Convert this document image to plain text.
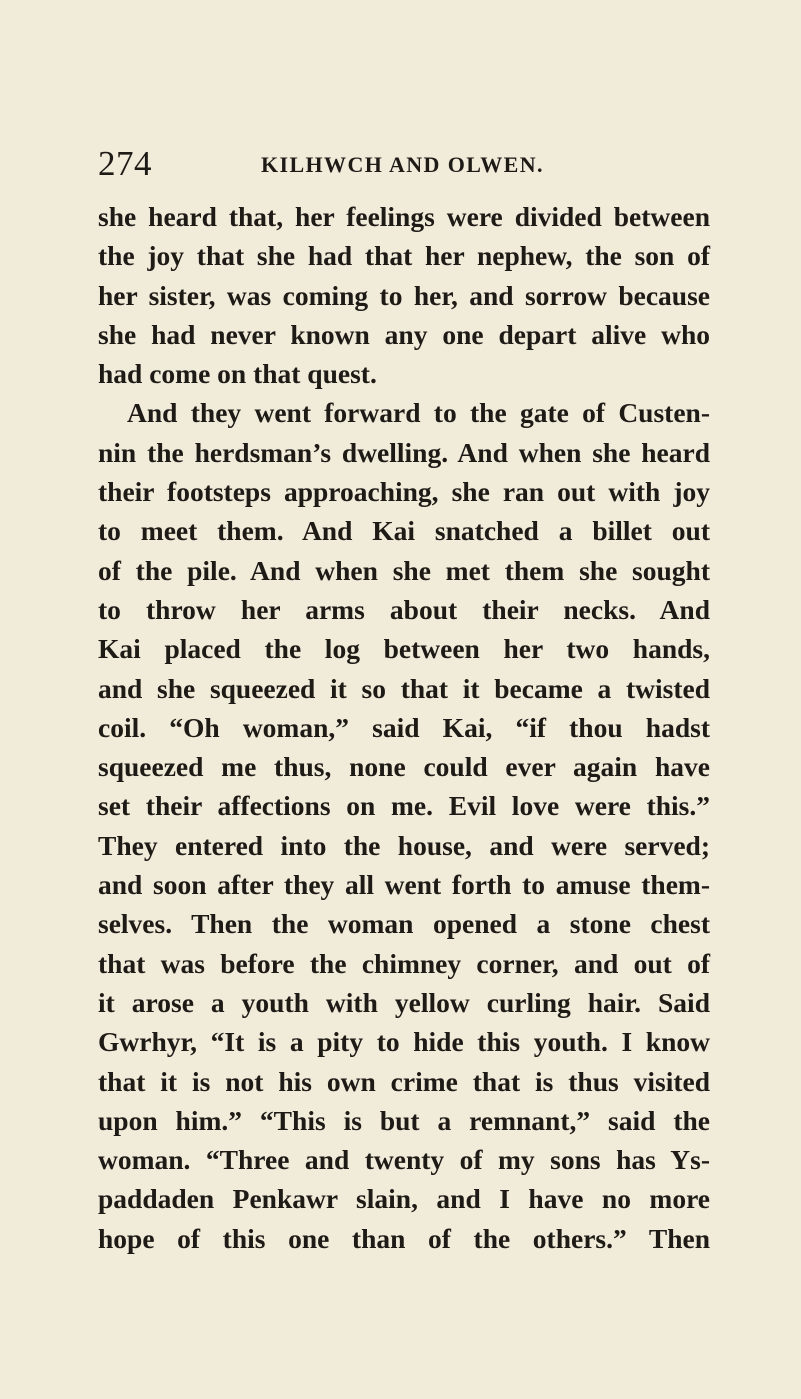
274	KILHWCH AND OLWEN.
she heard that, her feelings were divided between
the joy that she had that her nephew, the son of
her sister, was coming to her, and sorrow because
she had never known any one depart alive who
had come on that quest.
And they went forward to the gate of Custen-
nin the herdsman’s dwelling. And when she heard
their footsteps approaching, she ran out with joy
to meet them. And Kai snatched a billet out
of the pile. And when she met them she sought
to throw her arms about their necks. And
Kai placed the log between her two hands,
and she squeezed it so that it became a twisted
coil. “Oh woman,” said Kai, “if thou hadst
squeezed me thus, none could ever again have
set their affections on me. Evil love were this.”
They entered into the house, and were served;
and soon after they all went forth to amuse them-
selves. Then the woman opened a stone chest
that was before the chimney corner, and out of
it arose a youth with yellow curling hair. Said
Gwrhyr, “It is a pity to hide this youth. I know
that it is not his own crime that is thus visited
upon him.” “This is but a remnant,” said the
woman. “Three and twenty of my sons has Ys-
paddaden Penkawr slain, and I have no more
hope of this one than of the others.” Then
